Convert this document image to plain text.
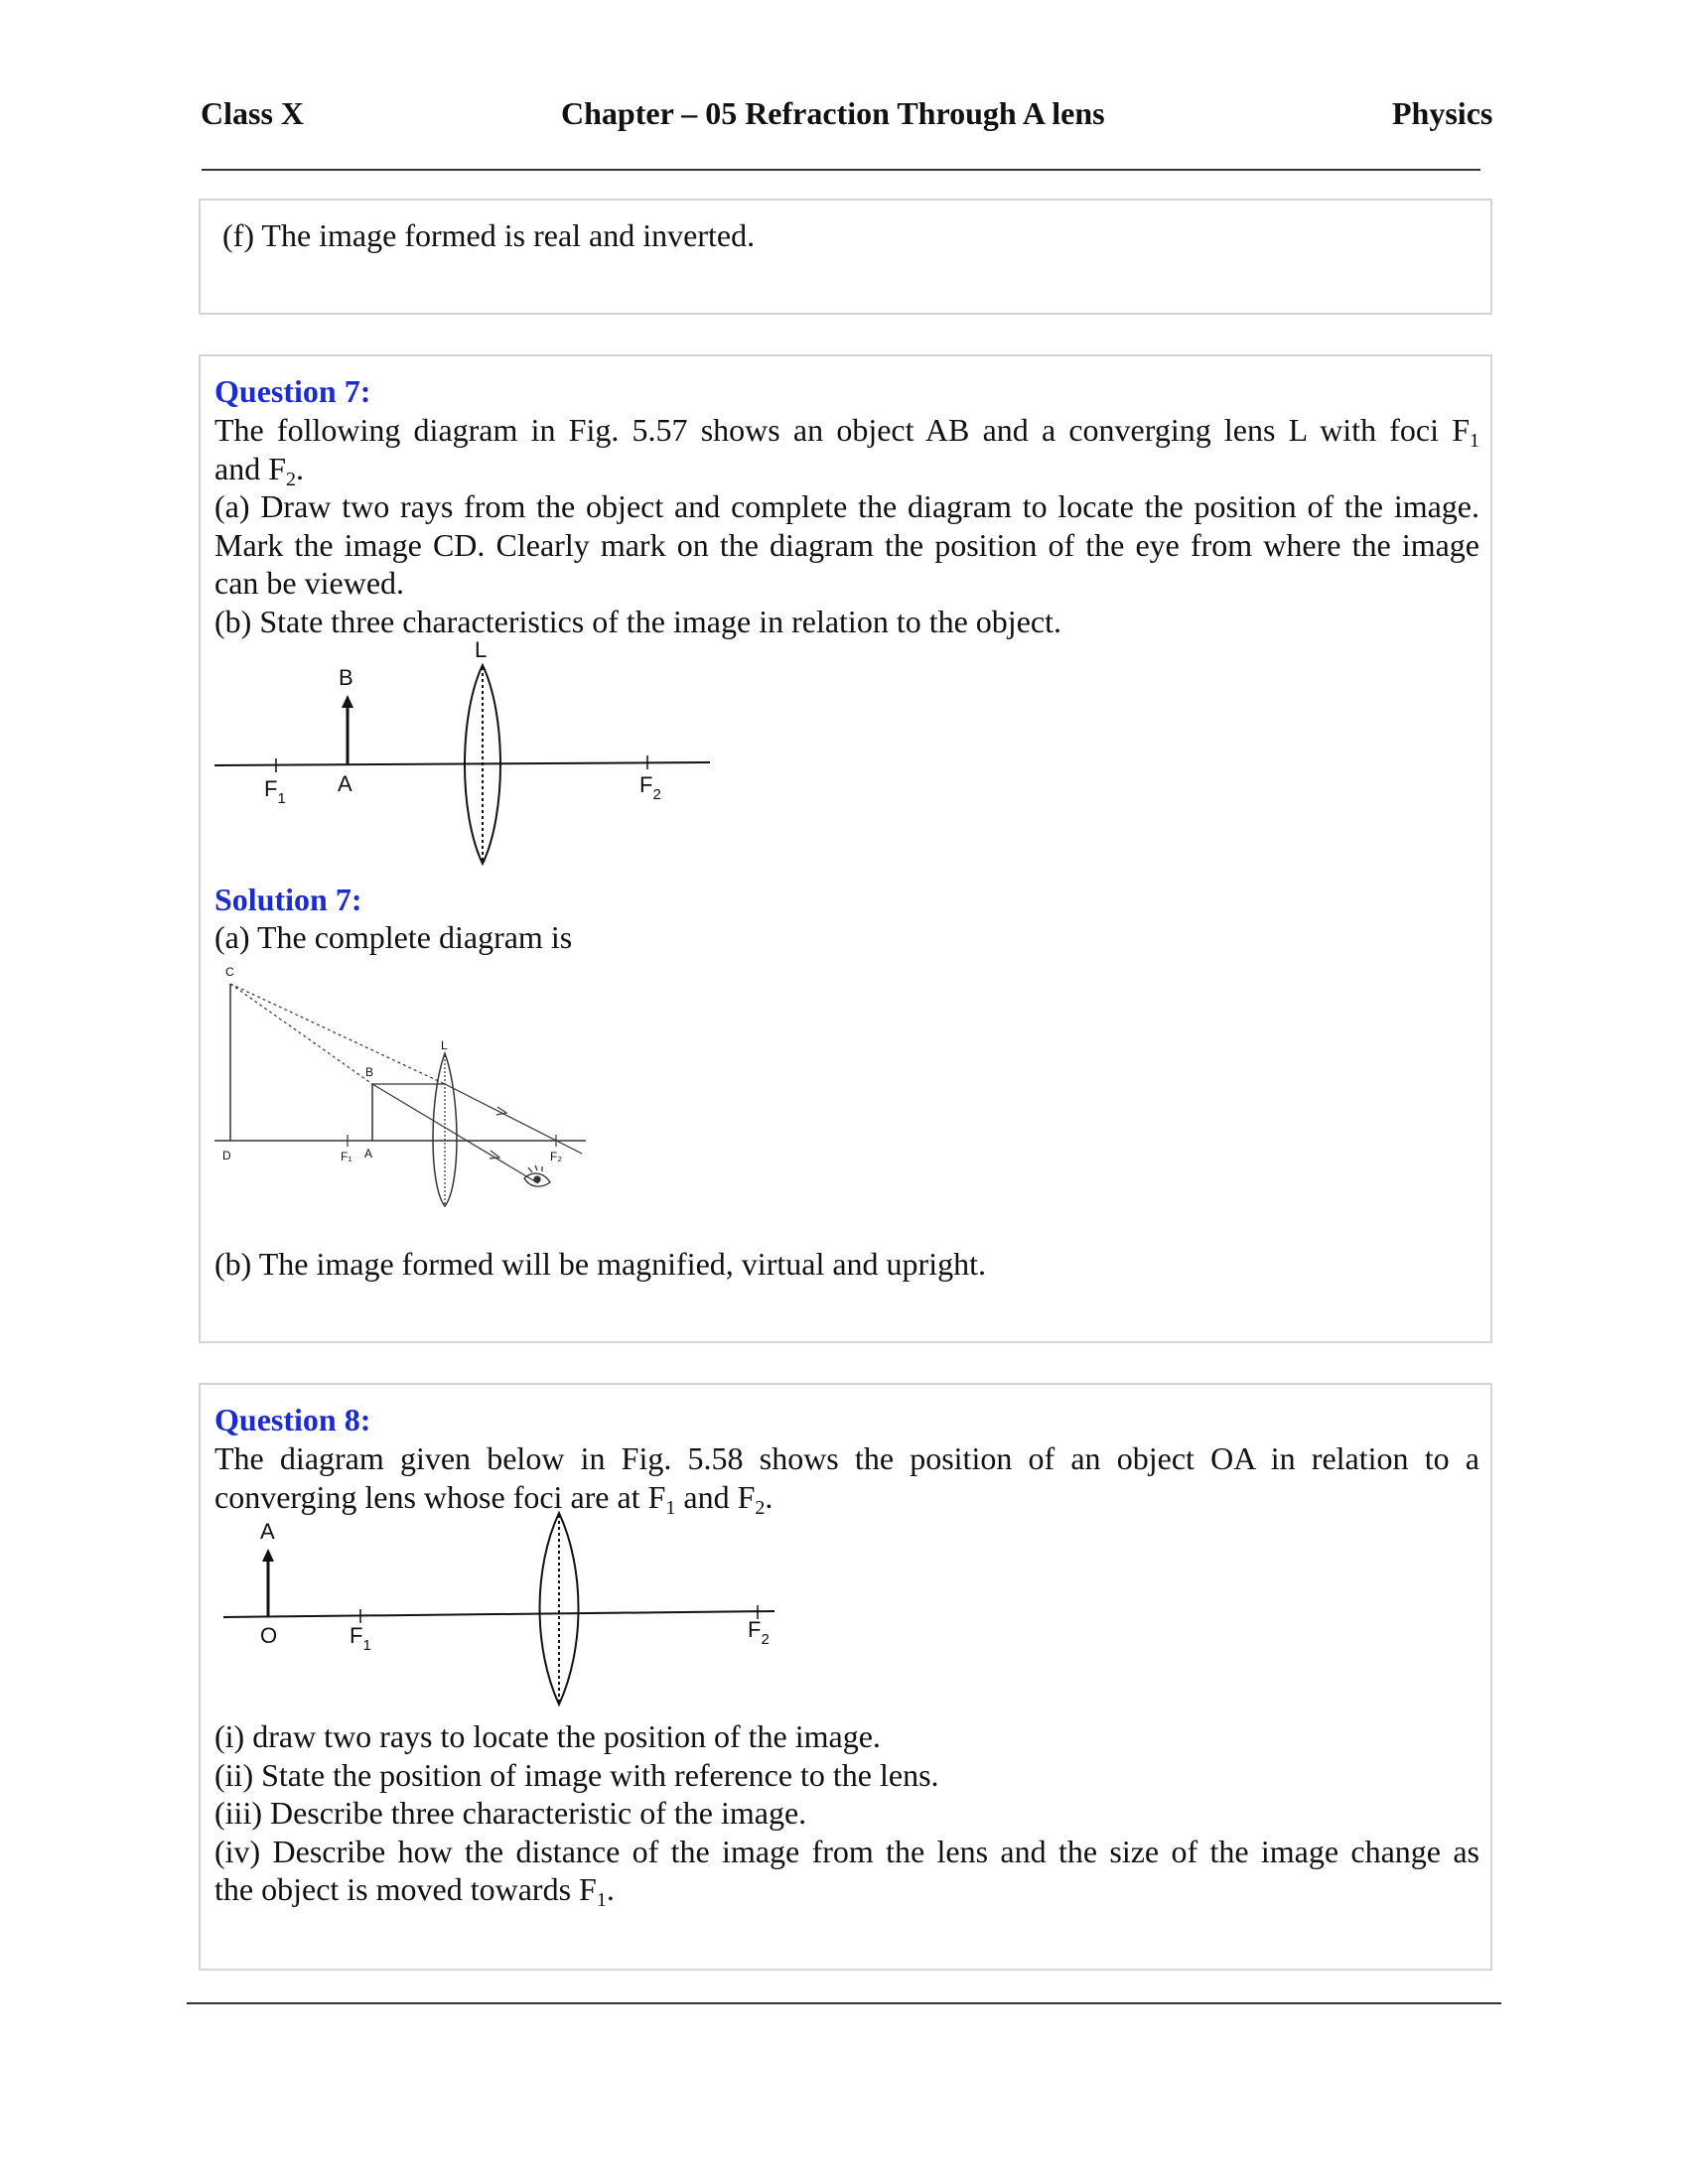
Class X	Chapter – 05 Refraction Through A lens	Physics
(f) The image formed is real and inverted.
Question 7:
The following diagram in Fig. 5.57 shows an object AB and a converging lens L with foci $F_1$
and $F_2$.
(a) Draw two rays from the object and complete the diagram to locate the position of the image.
Mark the image CD. Clearly mark on the diagram the position of the eye from where the image
can be viewed.
(b) State three characteristics of the image in relation to the object.
L
B
A
$F_1$
$F_2$
Solution 7:
(a) The complete diagram is
C
D
B
A
F₁	F₂
L
(b) The image formed will be magnified, virtual and upright.
Question 8:
The diagram given below in Fig. 5.58 shows the position of an object OA in relation to a
converging lens whose foci are at $F_1$ and $F_2$.
A
O	$F_1$
$F_2$
(i) draw two rays to locate the position of the image.
(ii) State the position of image with reference to the lens.
(iii) Describe three characteristic of the image.
(iv) Describe how the distance of the image from the lens and the size of the image change as
the object is moved towards $F_1$.
